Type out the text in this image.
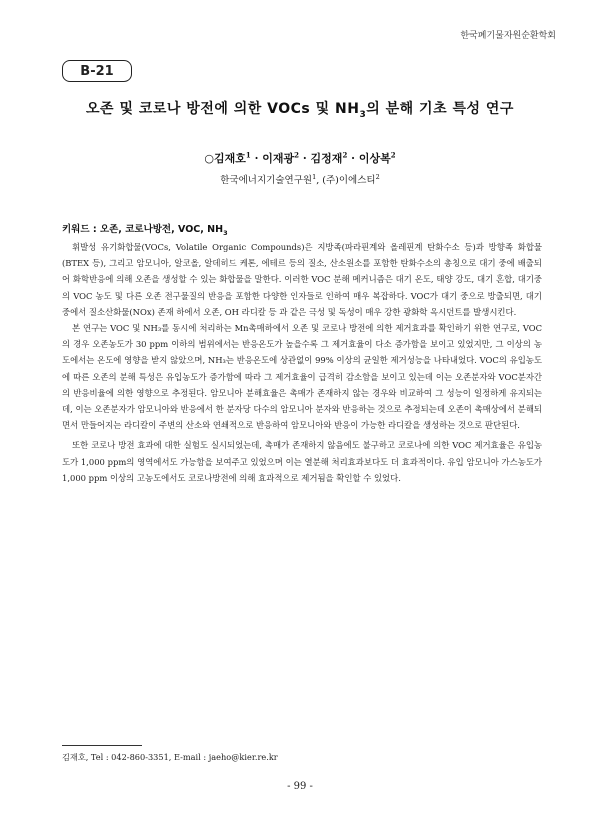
한국폐기물자원순환학회
B-21
오존 및 코로나 방전에 의한 VOCs 및 $NH_3$의 분해 기초 특성 연구
○김재호$^1$ · 이재광$^2$ · 김정재$^2$ · 이상복$^2$
한국에너지기술연구원$^1$, (주)이에스티$^2$
키워드 : 오존, 코로나방전, VOC, $NH_3$

휘발성 유기화합물(VOCs, Volatile Organic Compounds)은 지방족(파라핀계와 올레핀계 탄화수소 등)과 방향족 화합물(BTEX 등), 그리고 암모니아, 알코올, 알데히드 케톤, 에테르 등의 질소, 산소원소를 포함한 탄화수소의 총칭으로 대기 중에 배출되어 화학반응에 의해 오존을 생성할 수 있는 화합물을 말한다. 이러한 VOC 분해 메커니즘은 대기 온도, 태양 강도, 대기 혼합, 대기중의 VOC 농도 및 다른 오존 전구물질의 반응을 포함한 다양한 인자들로 인하여 매우 복잡하다. VOC가 대기 중으로 방출되면, 대기 중에서 질소산화물(NOx) 존재 하에서 오존, OH 라디칼 등 과 같은 극성 및 독성이 매우 강한 광화학 옥시던트를 발생시킨다.

본 연구는 VOC 및 NH₃를 동시에 처리하는 Mn촉매하에서 오존 및 코로나 방전에 의한 제거효과를 확인하기 위한 연구로, VOC의 경우 오존농도가 30 ppm 이하의 범위에서는 반응온도가 높을수록 그 제거효율이 다소 증가함을 보이고 있었지만, 그 이상의 농도에서는 온도에 영향을 받지 않았으며, NH₃는 반응온도에 상관없이 99% 이상의 균일한 제거성능을 나타내었다. VOC의 유입농도에 따른 오존의 분해 특성은 유입농도가 증가함에 따라 그 제거효율이 급격히 감소함을 보이고 있는데 이는 오존분자와 VOC분자간의 반응비율에 의한 영향으로 추정된다. 암모니아 분해효율은 촉매가 존재하지 않는 경우와 비교하여 그 성능이 일정하게 유지되는데, 이는 오존분자가 암모니아와 반응에서 한 분자당 다수의 암모니아 분자와 반응하는 것으로 추정되는데 오존이 촉매상에서 분해되면서 만들어지는 라디칼이 주변의 산소와 연쇄적으로 반응하여 암모니아와 반응이 가능한 라디칼을 생성하는 것으로 판단된다.

또한 코로나 방전 효과에 대한 실험도 실시되었는데, 촉매가 존재하지 않음에도 불구하고 코로나에 의한 VOC 제거효율은 유입농도가 1,000 ppm의 영역에서도 가능함을 보여주고 있었으며 이는 열분해 처리효과보다도 더 효과적이다. 유입 암모니아 가스농도가 1,000 ppm 이상의 고농도에서도 코로나방전에 의해 효과적으로 제거됨을 확인할 수 있었다.

김재호, Tel : 042-860-3351, E-mail : jaeho@kier.re.kr
- 99 -
